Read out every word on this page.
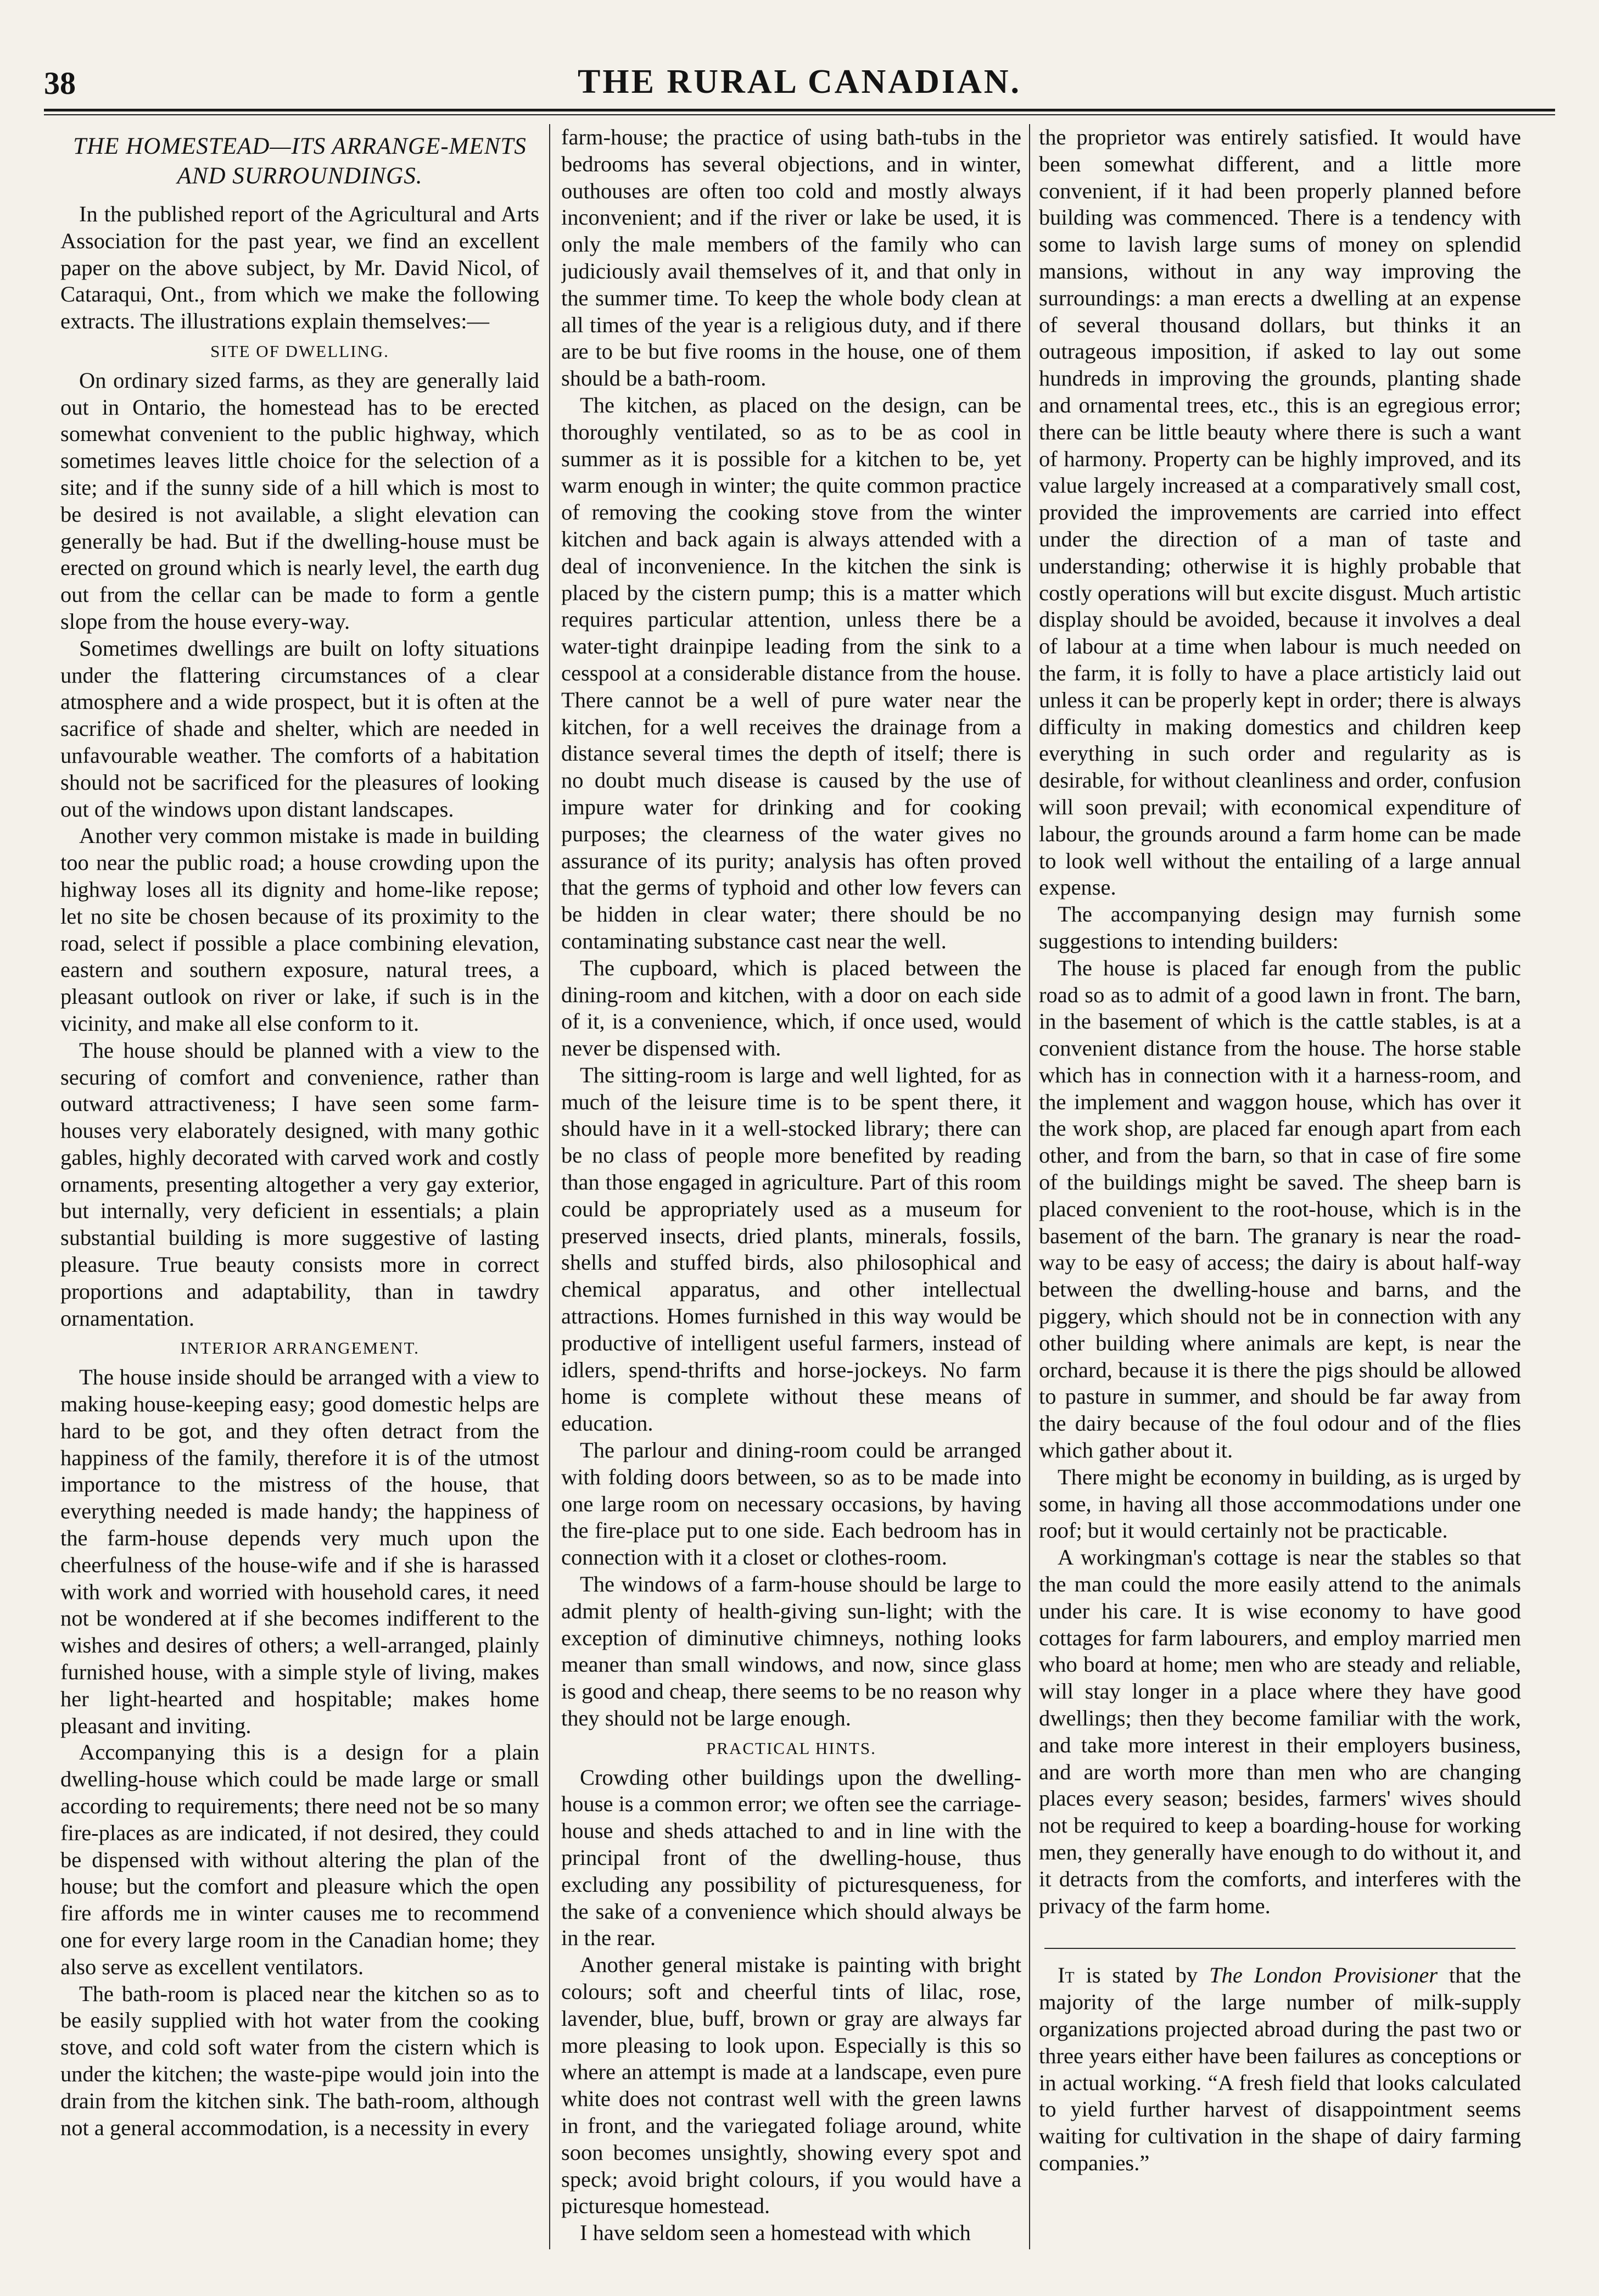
38	THE RURAL CANADIAN.
THE HOMESTEAD—ITS ARRANGE-MENTS AND SURROUNDINGS.

In the published report of the Agricultural and Arts Association for the past year, we find an excellent paper on the above subject, by Mr. David Nicol, of Cataraqui, Ont., from which we make the following extracts. The illustrations explain themselves:—

SITE OF DWELLING.

On ordinary sized farms, as they are generally laid out in Ontario, the homestead has to be erected somewhat convenient to the public highway, which sometimes leaves little choice for the selection of a site; and if the sunny side of a hill which is most to be desired is not available, a slight elevation can generally be had. But if the dwelling-house must be erected on ground which is nearly level, the earth dug out from the cellar can be made to form a gentle slope from the house every-way.

Sometimes dwellings are built on lofty situations under the flattering circumstances of a clear atmosphere and a wide prospect, but it is often at the sacrifice of shade and shelter, which are needed in unfavourable weather. The comforts of a habitation should not be sacrificed for the pleasures of looking out of the windows upon distant landscapes.

Another very common mistake is made in building too near the public road; a house crowding upon the highway loses all its dignity and home-like repose; let no site be chosen because of its proximity to the road, select if possible a place combining elevation, eastern and southern exposure, natural trees, a pleasant outlook on river or lake, if such is in the vicinity, and make all else conform to it.

The house should be planned with a view to the securing of comfort and convenience, rather than outward attractiveness; I have seen some farm-houses very elaborately designed, with many gothic gables, highly decorated with carved work and costly ornaments, presenting altogether a very gay exterior, but internally, very deficient in essentials; a plain substantial building is more suggestive of lasting pleasure. True beauty consists more in correct proportions and adaptability, than in tawdry ornamentation.

INTERIOR ARRANGEMENT.

The house inside should be arranged with a view to making house-keeping easy; good domestic helps are hard to be got, and they often detract from the happiness of the family, therefore it is of the utmost importance to the mistress of the house, that everything needed is made handy; the happiness of the farm-house depends very much upon the cheerfulness of the house-wife and if she is harassed with work and worried with household cares, it need not be wondered at if she becomes indifferent to the wishes and desires of others; a well-arranged, plainly furnished house, with a simple style of living, makes her light-hearted and hospitable; makes home pleasant and inviting.

Accompanying this is a design for a plain dwelling-house which could be made large or small according to requirements; there need not be so many fire-places as are indicated, if not desired, they could be dispensed with without altering the plan of the house; but the comfort and pleasure which the open fire affords me in winter causes me to recommend one for every large room in the Canadian home; they also serve as excellent ventilators.

The bath-room is placed near the kitchen so as to be easily supplied with hot water from the cooking stove, and cold soft water from the cistern which is under the kitchen; the waste-pipe would join into the drain from the kitchen sink. The bath-room, although not a general accommodation, is a necessity in every

farm-house; the practice of using bath-tubs in the bedrooms has several objections, and in winter, outhouses are often too cold and mostly always inconvenient; and if the river or lake be used, it is only the male members of the family who can judiciously avail themselves of it, and that only in the summer time. To keep the whole body clean at all times of the year is a religious duty, and if there are to be but five rooms in the house, one of them should be a bath-room.

The kitchen, as placed on the design, can be thoroughly ventilated, so as to be as cool in summer as it is possible for a kitchen to be, yet warm enough in winter; the quite common practice of removing the cooking stove from the winter kitchen and back again is always attended with a deal of inconvenience. In the kitchen the sink is placed by the cistern pump; this is a matter which requires particular attention, unless there be a water-tight drainpipe leading from the sink to a cesspool at a considerable distance from the house. There cannot be a well of pure water near the kitchen, for a well receives the drainage from a distance several times the depth of itself; there is no doubt much disease is caused by the use of impure water for drinking and for cooking purposes; the clearness of the water gives no assurance of its purity; analysis has often proved that the germs of typhoid and other low fevers can be hidden in clear water; there should be no contaminating substance cast near the well.

The cupboard, which is placed between the dining-room and kitchen, with a door on each side of it, is a convenience, which, if once used, would never be dispensed with.

The sitting-room is large and well lighted, for as much of the leisure time is to be spent there, it should have in it a well-stocked library; there can be no class of people more benefited by reading than those engaged in agriculture. Part of this room could be appropriately used as a museum for preserved insects, dried plants, minerals, fossils, shells and stuffed birds, also philosophical and chemical apparatus, and other intellectual attractions. Homes furnished in this way would be productive of intelligent useful farmers, instead of idlers, spend-thrifts and horse-jockeys. No farm home is complete without these means of education.

The parlour and dining-room could be arranged with folding doors between, so as to be made into one large room on necessary occasions, by having the fire-place put to one side. Each bedroom has in connection with it a closet or clothes-room.

The windows of a farm-house should be large to admit plenty of health-giving sun-light; with the exception of diminutive chimneys, nothing looks meaner than small windows, and now, since glass is good and cheap, there seems to be no reason why they should not be large enough.

PRACTICAL HINTS.

Crowding other buildings upon the dwelling-house is a common error; we often see the carriage-house and sheds attached to and in line with the principal front of the dwelling-house, thus excluding any possibility of picturesqueness, for the sake of a convenience which should always be in the rear.

Another general mistake is painting with bright colours; soft and cheerful tints of lilac, rose, lavender, blue, buff, brown or gray are always far more pleasing to look upon. Especially is this so where an attempt is made at a landscape, even pure white does not contrast well with the green lawns in front, and the variegated foliage around, white soon becomes unsightly, showing every spot and speck; avoid bright colours, if you would have a picturesque homestead.

I have seldom seen a homestead with which

the proprietor was entirely satisfied. It would have been somewhat different, and a little more convenient, if it had been properly planned before building was commenced. There is a tendency with some to lavish large sums of money on splendid mansions, without in any way improving the surroundings: a man erects a dwelling at an expense of several thousand dollars, but thinks it an outrageous imposition, if asked to lay out some hundreds in improving the grounds, planting shade and ornamental trees, etc., this is an egregious error; there can be little beauty where there is such a want of harmony. Property can be highly improved, and its value largely increased at a comparatively small cost, provided the improvements are carried into effect under the direction of a man of taste and understanding; otherwise it is highly probable that costly operations will but excite disgust. Much artistic display should be avoided, because it involves a deal of labour at a time when labour is much needed on the farm, it is folly to have a place artisticly laid out unless it can be properly kept in order; there is always difficulty in making domestics and children keep everything in such order and regularity as is desirable, for without cleanliness and order, confusion will soon prevail; with economical expenditure of labour, the grounds around a farm home can be made to look well without the entailing of a large annual expense.

The accompanying design may furnish some suggestions to intending builders:

The house is placed far enough from the public road so as to admit of a good lawn in front. The barn, in the basement of which is the cattle stables, is at a convenient distance from the house. The horse stable which has in connection with it a harness-room, and the implement and waggon house, which has over it the work shop, are placed far enough apart from each other, and from the barn, so that in case of fire some of the buildings might be saved. The sheep barn is placed convenient to the root-house, which is in the basement of the barn. The granary is near the road-way to be easy of access; the dairy is about half-way between the dwelling-house and barns, and the piggery, which should not be in connection with any other building where animals are kept, is near the orchard, because it is there the pigs should be allowed to pasture in summer, and should be far away from the dairy because of the foul odour and of the flies which gather about it.

There might be economy in building, as is urged by some, in having all those accommodations under one roof; but it would certainly not be practicable.

A workingman's cottage is near the stables so that the man could the more easily attend to the animals under his care. It is wise economy to have good cottages for farm labourers, and employ married men who board at home; men who are steady and reliable, will stay longer in a place where they have good dwellings; then they become familiar with the work, and take more interest in their employers business, and are worth more than men who are changing places every season; besides, farmers' wives should not be required to keep a boarding-house for working men, they generally have enough to do without it, and it detracts from the comforts, and interferes with the privacy of the farm home.

It is stated by The London Provisioner that the majority of the large number of milk-supply organizations projected abroad during the past two or three years either have been failures as conceptions or in actual working. “A fresh field that looks calculated to yield further harvest of disappointment seems waiting for cultivation in the shape of dairy farming companies.”
